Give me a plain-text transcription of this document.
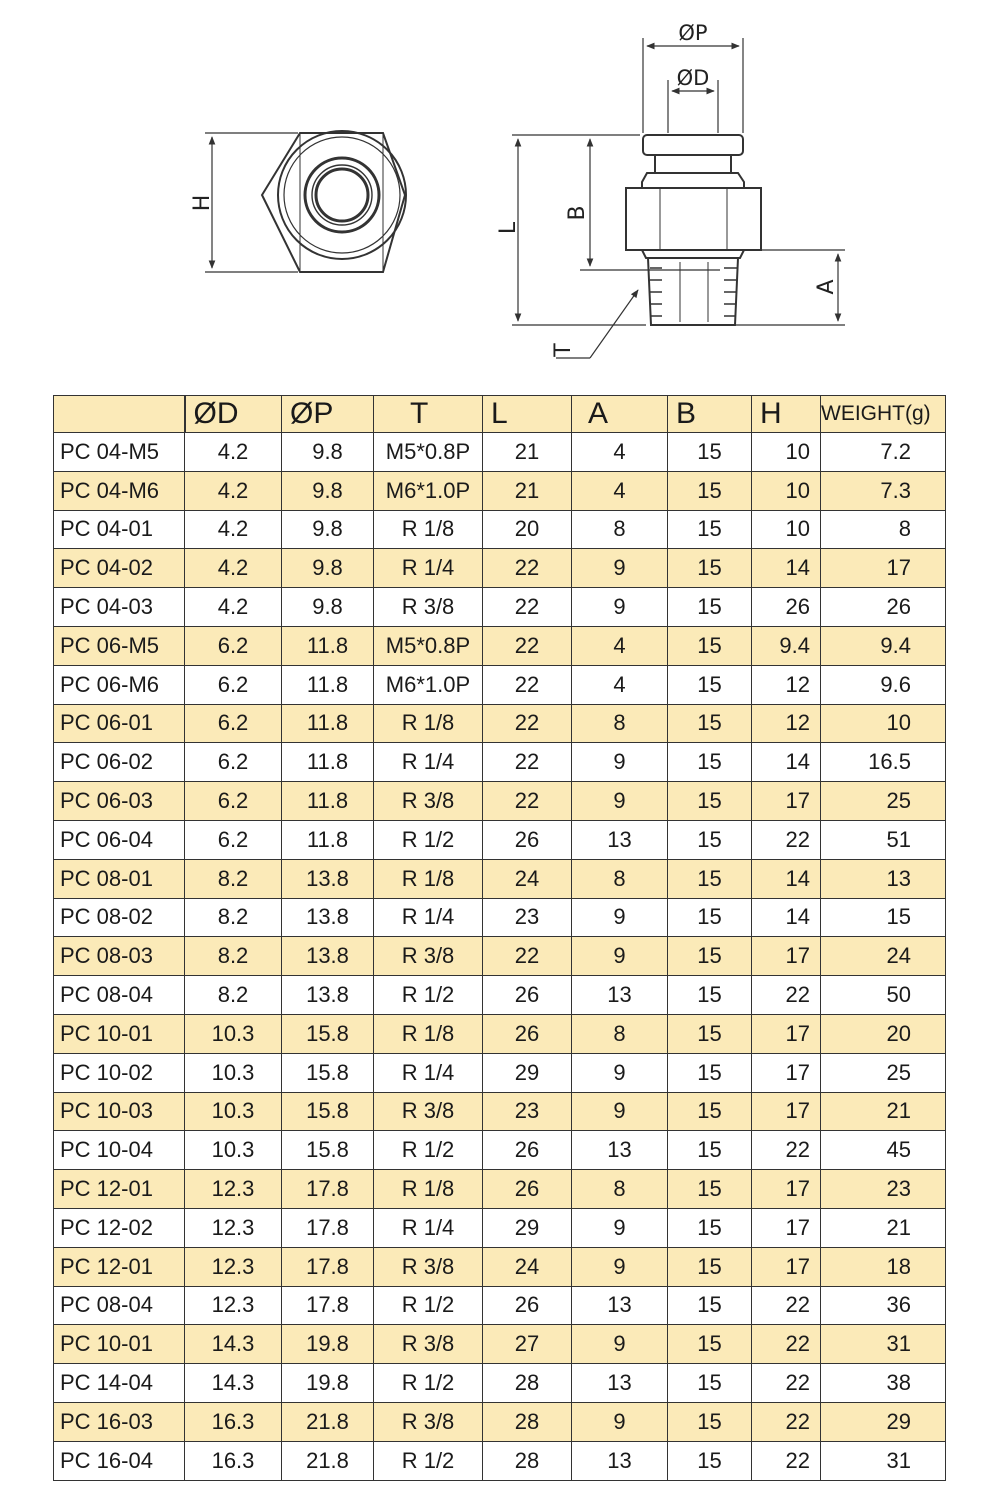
H
ØP
ØD
L
B
A
T
	ØD	ØP	T	L	A	B	H	WEIGHT(g)
PC 04-M5	4.2	9.8	M5*0.8P	21	4	15	10	7.2
PC 04-M6	4.2	9.8	M6*1.0P	21	4	15	10	7.3
PC 04-01	4.2	9.8	R 1/8	20	8	15	10	8
PC 04-02	4.2	9.8	R 1/4	22	9	15	14	17
PC 04-03	4.2	9.8	R 3/8	22	9	15	26	26
PC 06-M5	6.2	11.8	M5*0.8P	22	4	15	9.4	9.4
PC 06-M6	6.2	11.8	M6*1.0P	22	4	15	12	9.6
PC 06-01	6.2	11.8	R 1/8	22	8	15	12	10
PC 06-02	6.2	11.8	R 1/4	22	9	15	14	16.5
PC 06-03	6.2	11.8	R 3/8	22	9	15	17	25
PC 06-04	6.2	11.8	R 1/2	26	13	15	22	51
PC 08-01	8.2	13.8	R 1/8	24	8	15	14	13
PC 08-02	8.2	13.8	R 1/4	23	9	15	14	15
PC 08-03	8.2	13.8	R 3/8	22	9	15	17	24
PC 08-04	8.2	13.8	R 1/2	26	13	15	22	50
PC 10-01	10.3	15.8	R 1/8	26	8	15	17	20
PC 10-02	10.3	15.8	R 1/4	29	9	15	17	25
PC 10-03	10.3	15.8	R 3/8	23	9	15	17	21
PC 10-04	10.3	15.8	R 1/2	26	13	15	22	45
PC 12-01	12.3	17.8	R 1/8	26	8	15	17	23
PC 12-02	12.3	17.8	R 1/4	29	9	15	17	21
PC 12-01	12.3	17.8	R 3/8	24	9	15	17	18
PC 08-04	12.3	17.8	R 1/2	26	13	15	22	36
PC 10-01	14.3	19.8	R 3/8	27	9	15	22	31
PC 14-04	14.3	19.8	R 1/2	28	13	15	22	38
PC 16-03	16.3	21.8	R 3/8	28	9	15	22	29
PC 16-04	16.3	21.8	R 1/2	28	13	15	22	31
